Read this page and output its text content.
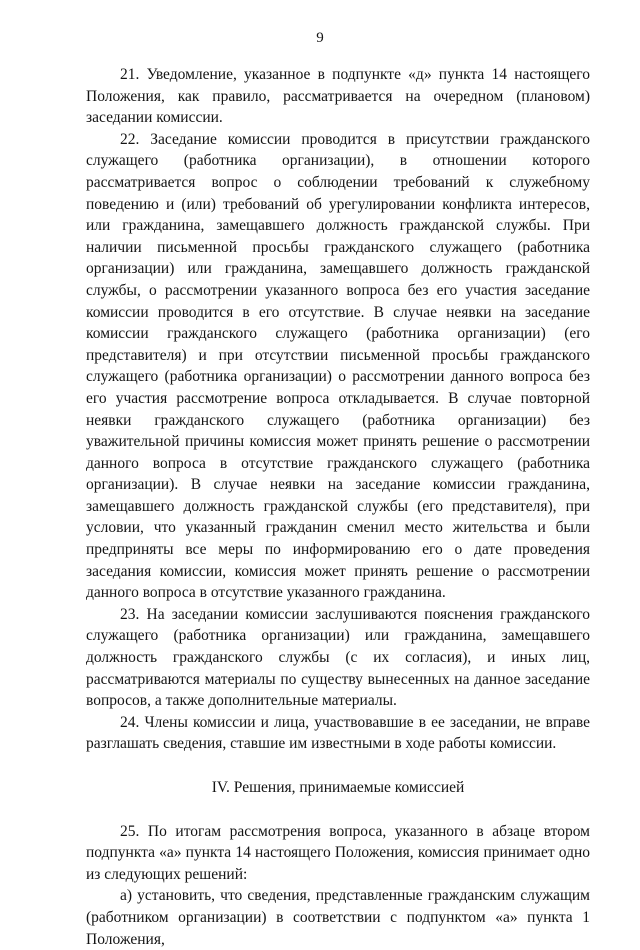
9

21. Уведомление, указанное в подпункте «д» пункта 14 настоящего Положения, как правило, рассматривается на очередном (плановом) заседании комиссии.

22. Заседание комиссии проводится в присутствии гражданского служащего (работника организации), в отношении которого рассматривается вопрос о соблюдении требований к служебному поведению и (или) требований об урегулировании конфликта интересов, или гражданина, замещавшего должность гражданской службы. При наличии письменной просьбы гражданского служащего (работника организации) или гражданина, замещавшего должность гражданской службы, о рассмотрении указанного вопроса без его участия заседание комиссии проводится в его отсутствие. В случае неявки на заседание комиссии гражданского служащего (работника организации) (его представителя) и при отсутствии письменной просьбы гражданского служащего (работника организации) о рассмотрении данного вопроса без его участия рассмотрение вопроса откладывается. В случае повторной неявки гражданского служащего (работника организации) без уважительной причины комиссия может принять решение о рассмотрении данного вопроса в отсутствие гражданского служащего (работника организации). В случае неявки на заседание комиссии гражданина, замещавшего должность гражданской службы (его представителя), при условии, что указанный гражданин сменил место жительства и были предприняты все меры по информированию его о дате проведения заседания комиссии, комиссия может принять решение о рассмотрении данного вопроса в отсутствие указанного гражданина.

23. На заседании комиссии заслушиваются пояснения гражданского служащего (работника организации) или гражданина, замещавшего должность гражданского службы (с их согласия), и иных лиц, рассматриваются материалы по существу вынесенных на данное заседание вопросов, а также дополнительные материалы.

24. Члены комиссии и лица, участвовавшие в ее заседании, не вправе разглашать сведения, ставшие им известными в ходе работы комиссии.

IV. Решения, принимаемые комиссией

25. По итогам рассмотрения вопроса, указанного в абзаце втором подпункта «а» пункта 14 настоящего Положения, комиссия принимает одно из следующих решений:

а) установить, что сведения, представленные гражданским служащим (работником организации) в соответствии с подпунктом «а» пункта 1 Положения,
